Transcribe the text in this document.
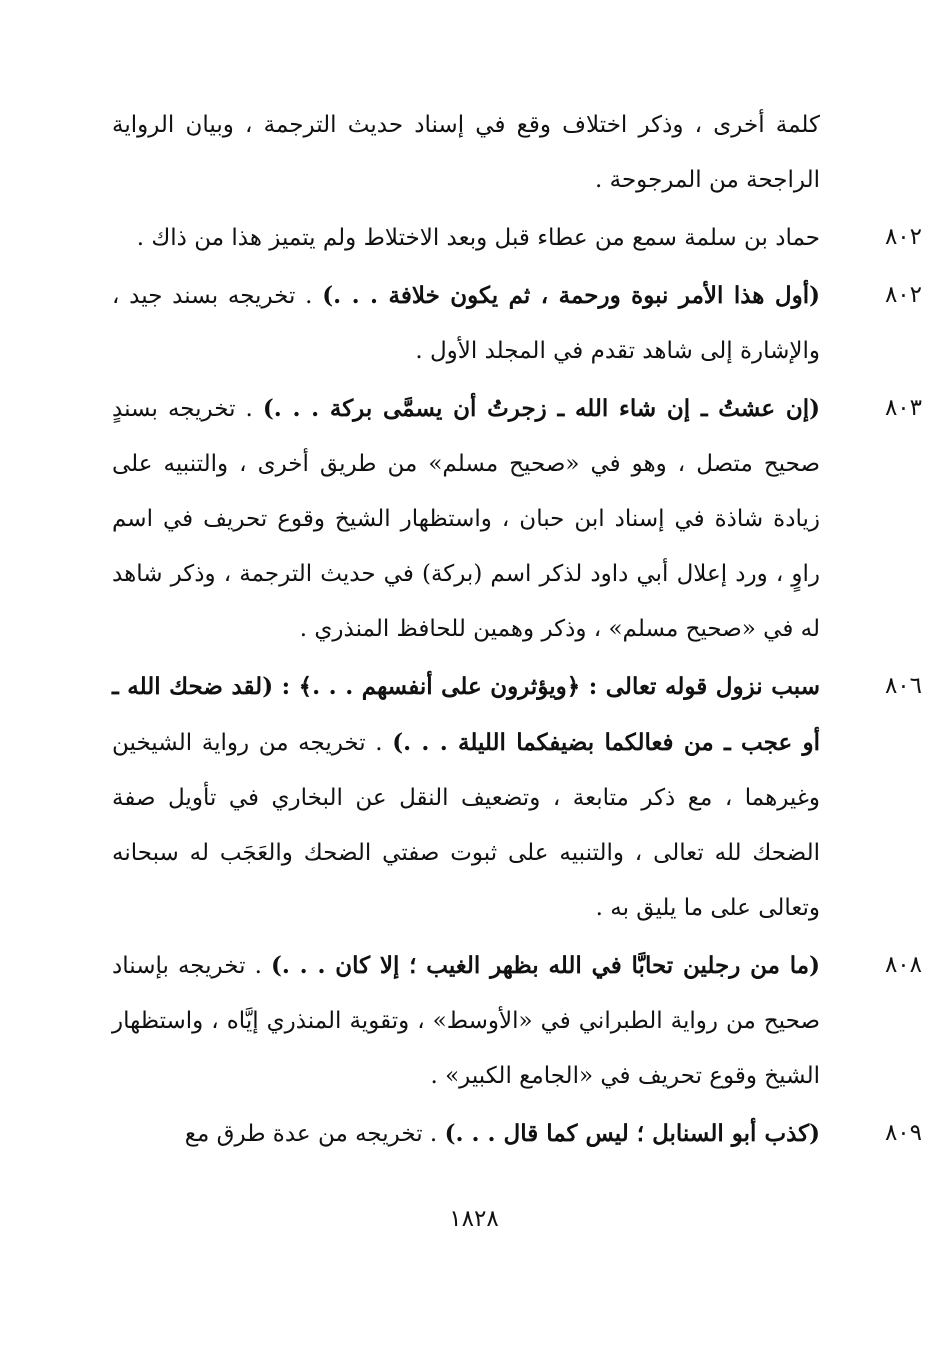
كلمة أخرى ، وذكر اختلاف وقع في إسناد حديث الترجمة ، وبيان الرواية الراجحة من المرجوحة .

٨٠٢
حماد بن سلمة سمع من عطاء قبل وبعد الاختلاط ولم يتميز هذا من ذاك .
٨٠٢
(أول هذا الأمر نبوة ورحمة ، ثم يكون خلافة . . .) . تخريجه بسند جيد ، والإشارة إلى شاهد تقدم في المجلد الأول .
٨٠٣
(إن عشتُ ـ إن شاء الله ـ زجرتُ أن يسمَّى بركة . . .) . تخريجه بسندٍ صحيح متصل ، وهو في «صحيح مسلم» من طريق أخرى ، والتنبيه على زيادة شاذة في إسناد ابن حبان ، واستظهار الشيخ وقوع تحريف في اسم راوٍ ، ورد إعلال أبي داود لذكر اسم (بركة) في حديث الترجمة ، وذكر شاهد له في «صحيح مسلم» ، وذكر وهمين للحافظ المنذري .
٨٠٦
سبب نزول قوله تعالى : ﴿ويؤثرون على أنفسهم . . .﴾ : (لقد ضحك الله ـ أو عجب ـ من فعالكما بضيفكما الليلة . . .) . تخريجه من رواية الشيخين وغيرهما ، مع ذكر متابعة ، وتضعيف النقل عن البخاري في تأويل صفة الضحك لله تعالى ، والتنبيه على ثبوت صفتي الضحك والعَجَب له سبحانه وتعالى على ما يليق به .
٨٠٨
(ما من رجلين تحابَّا في الله بظهر الغيب ؛ إلا كان . . .) . تخريجه بإسناد صحيح من رواية الطبراني في «الأوسط» ، وتقوية المنذري إيَّاه ، واستظهار الشيخ وقوع تحريف في «الجامع الكبير» .
٨٠٩
(كذب أبو السنابل ؛ ليس كما قال . . .) . تخريجه من عدة طرق مع
١٨٢٨
